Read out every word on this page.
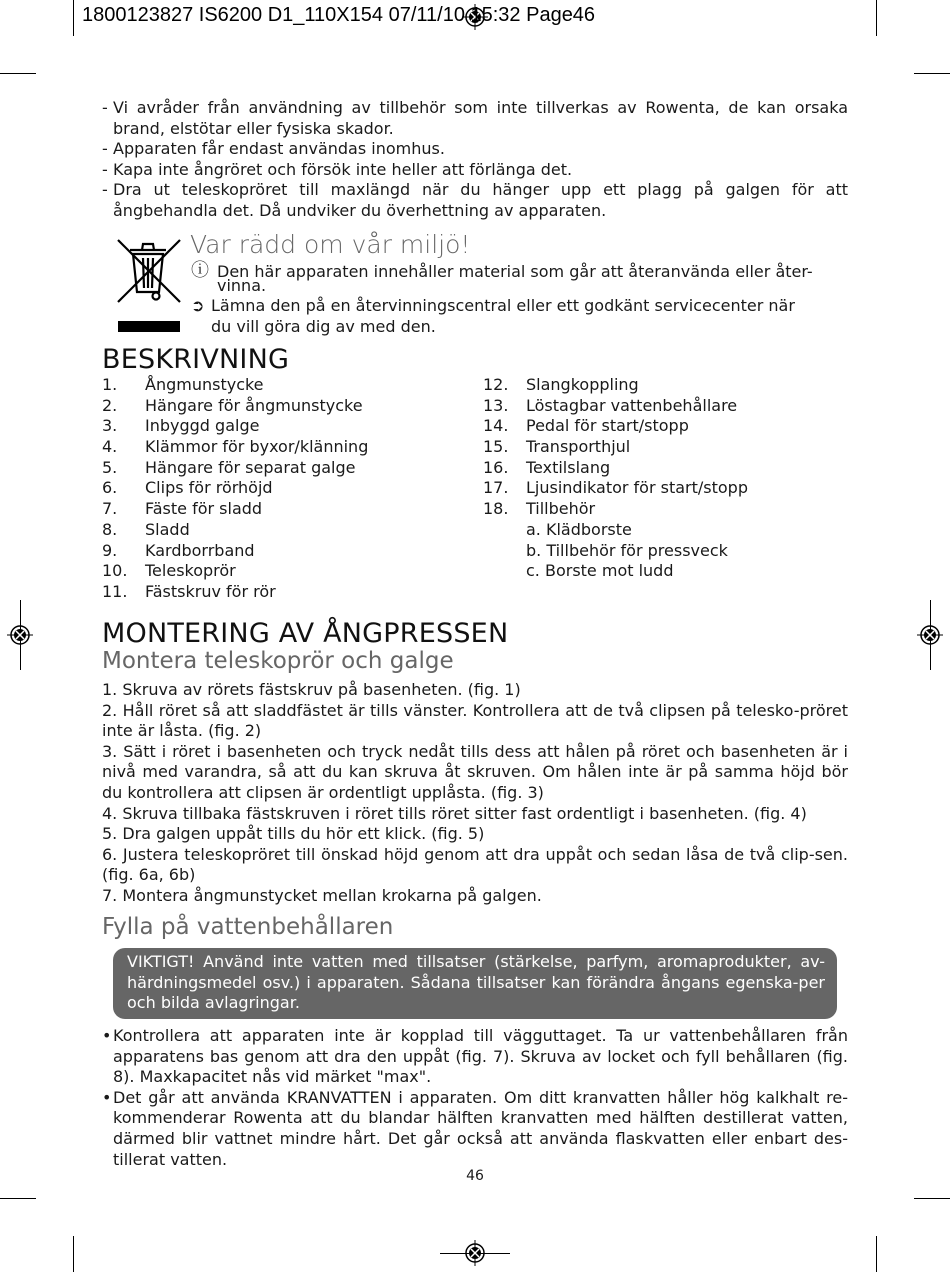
1800123827 IS6200 D1_110X154 07/11/10 15:32 Page46
- Vi avråder från användning av tillbehör som inte tillverkas av Rowenta, de kan orsaka brand, elstötar eller fysiska skador.
- Apparaten får endast användas inomhus.
- Kapa inte ångröret och försök inte heller att förlänga det.
- Dra ut teleskopröret till maxlängd när du hänger upp ett plagg på galgen för att ångbehandla det. Då undviker du överhettning av apparaten.
Var rädd om vår miljö!
ⓘ Den här apparaten innehåller material som går att återanvända eller åter-
vinna.
➲ Lämna den på en återvinningscentral eller ett godkänt servicecenter när
du vill göra dig av med den.
BESKRIVNING
1. Ångmunstycke
2. Hängare för ångmunstycke
3. Inbyggd galge
4. Klämmor för byxor/klänning
5. Hängare för separat galge
6. Clips för rörhöjd
7. Fäste för sladd
8. Sladd
9. Kardborrband
10. Teleskoprör
11. Fästskruv för rör
12. Slangkoppling
13. Löstagbar vattenbehållare
14. Pedal för start/stopp
15. Transporthjul
16. Textilslang
17. Ljusindikator för start/stopp
18. Tillbehör
a. Klädborste
b. Tillbehör för pressveck
c. Borste mot ludd
MONTERING AV ÅNGPRESSEN
Montera teleskoprör och galge

1. Skruva av rörets fästskruv på basenheten. (fig. 1)

2. Håll röret så att sladdfästet är tills vänster. Kontrollera att de två clipsen på telesko-pröret inte är låsta. (fig. 2)

3. Sätt i röret i basenheten och tryck nedåt tills dess att hålen på röret och basenheten är i nivå med varandra, så att du kan skruva åt skruven. Om hålen inte är på samma höjd bör du kontrollera att clipsen är ordentligt upplåsta. (fig. 3)

4. Skruva tillbaka fästskruven i röret tills röret sitter fast ordentligt i basenheten. (fig. 4)

5. Dra galgen uppåt tills du hör ett klick. (fig. 5)

6. Justera teleskopröret till önskad höjd genom att dra uppåt och sedan låsa de två clip-sen. (fig. 6a, 6b)

7. Montera ångmunstycket mellan krokarna på galgen.

Fylla på vattenbehållaren
VIKTIGT! Använd inte vatten med tillsatser (stärkelse, parfym, aromaprodukter, av-härdningsmedel osv.) i apparaten. Sådana tillsatser kan förändra ångans egenska-per och bilda avlagringar.
• Kontrollera att apparaten inte är kopplad till vägguttaget. Ta ur vattenbehållaren från apparatens bas genom att dra den uppåt (fig. 7). Skruva av locket och fyll behållaren (fig. 8). Maxkapacitet nås vid märket "max".
• Det går att använda KRANVATTEN i apparaten. Om ditt kranvatten håller hög kalkhalt re-kommenderar Rowenta att du blandar hälften kranvatten med hälften destillerat vatten, därmed blir vattnet mindre hårt. Det går också att använda flaskvatten eller enbart des-tillerat vatten.
46
